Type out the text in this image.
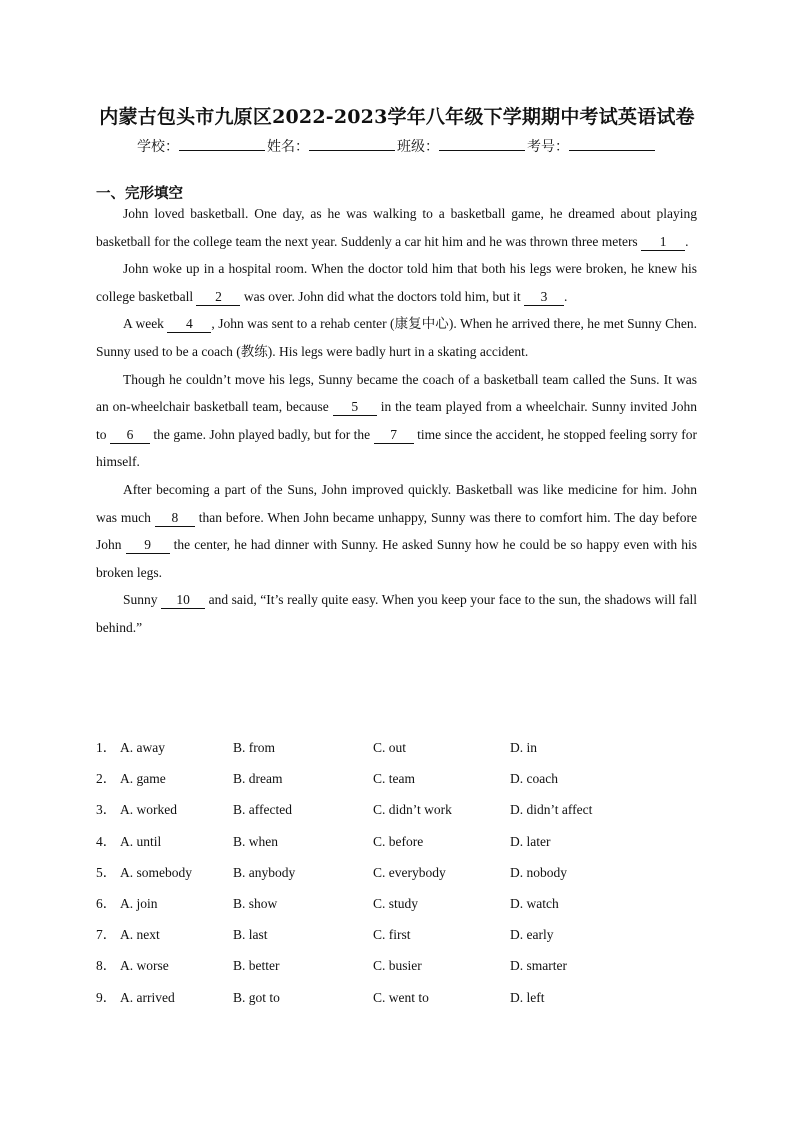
内蒙古包头市九原区2022-2023学年八年级下学期期中考试英语试卷
学校：	姓名：	班级：	考号：
一、完形填空

John loved basketball. One day, as he was walking to a basketball game, he dreamed about playing basketball for the college team the next year. Suddenly a car hit him and he was thrown three meters 1 .

John woke up in a hospital room. When the doctor told him that both his legs were broken, he knew his college basketball 2 was over. John did what the doctors told him, but it 3 .

A week 4 , John was sent to a rehab center (康复中心). When he arrived there, he met Sunny Chen. Sunny used to be a coach (教练). His legs were badly hurt in a skating accident.

Though he couldn’t move his legs, Sunny became the coach of a basketball team called the Suns. It was an on-wheelchair basketball team, because 5 in the team played from a wheelchair. Sunny invited John to 6 the game. John played badly, but for the 7 time since the accident, he stopped feeling sorry for himself.

After becoming a part of the Suns, John improved quickly. Basketball was like medicine for him. John was much 8 than before. When John became unhappy, Sunny was there to comfort him. The day before John 9 the center, he had dinner with Sunny. He asked Sunny how he could be so happy even with his broken legs.

Sunny 10 and said, “It’s really quite easy. When you keep your face to the sun, the shadows will fall behind.”

1． A. away	B. from	C. out	D. in
2． A. game	B. dream	C. team	D. coach
3． A. worked	B. affected	C. didn’t work	D. didn’t affect
4． A. until	B. when	C. before	D. later
5． A. somebody	B. anybody	C. everybody	D. nobody
6． A. join	B. show	C. study	D. watch
7． A. next	B. last	C. first	D. early
8． A. worse	B. better	C. busier	D. smarter
9． A. arrived	B. got to	C. went to	D. left
